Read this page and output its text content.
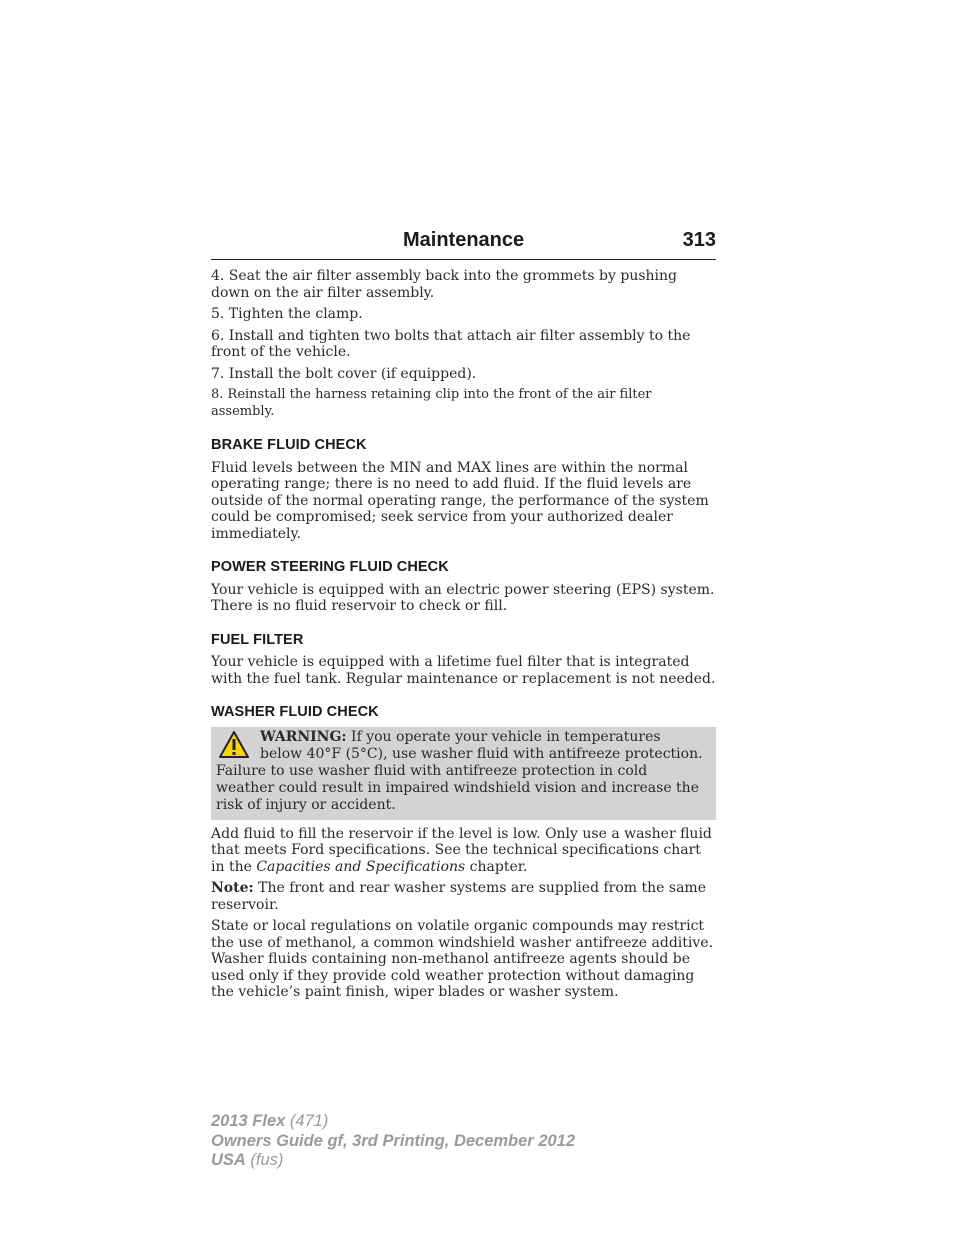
Maintenance	313

4. Seat the air filter assembly back into the grommets by pushing down on the air filter assembly.

5. Tighten the clamp.

6. Install and tighten two bolts that attach air filter assembly to the front of the vehicle.

7. Install the bolt cover (if equipped).

8. Reinstall the harness retaining clip into the front of the air filter assembly.

BRAKE FLUID CHECK

Fluid levels between the MIN and MAX lines are within the normal operating range; there is no need to add fluid. If the fluid levels are outside of the normal operating range, the performance of the system could be compromised; seek service from your authorized dealer immediately.

POWER STEERING FLUID CHECK

Your vehicle is equipped with an electric power steering (EPS) system. There is no fluid reservoir to check or fill.

FUEL FILTER

Your vehicle is equipped with a lifetime fuel filter that is integrated with the fuel tank. Regular maintenance or replacement is not needed.

WASHER FLUID CHECK
WARNING: If you operate your vehicle in temperatures below 40°F (5°C), use washer fluid with antifreeze protection. Failure to use washer fluid with antifreeze protection in cold weather could result in impaired windshield vision and increase the risk of injury or accident.

Add fluid to fill the reservoir if the level is low. Only use a washer fluid that meets Ford specifications. See the technical specifications chart in the Capacities and Specifications chapter.

Note: The front and rear washer systems are supplied from the same reservoir.

State or local regulations on volatile organic compounds may restrict the use of methanol, a common windshield washer antifreeze additive. Washer fluids containing non-methanol antifreeze agents should be used only if they provide cold weather protection without damaging the vehicle’s paint finish, wiper blades or washer system.

2013 Flex (471)
Owners Guide gf, 3rd Printing, December 2012
USA (fus)
